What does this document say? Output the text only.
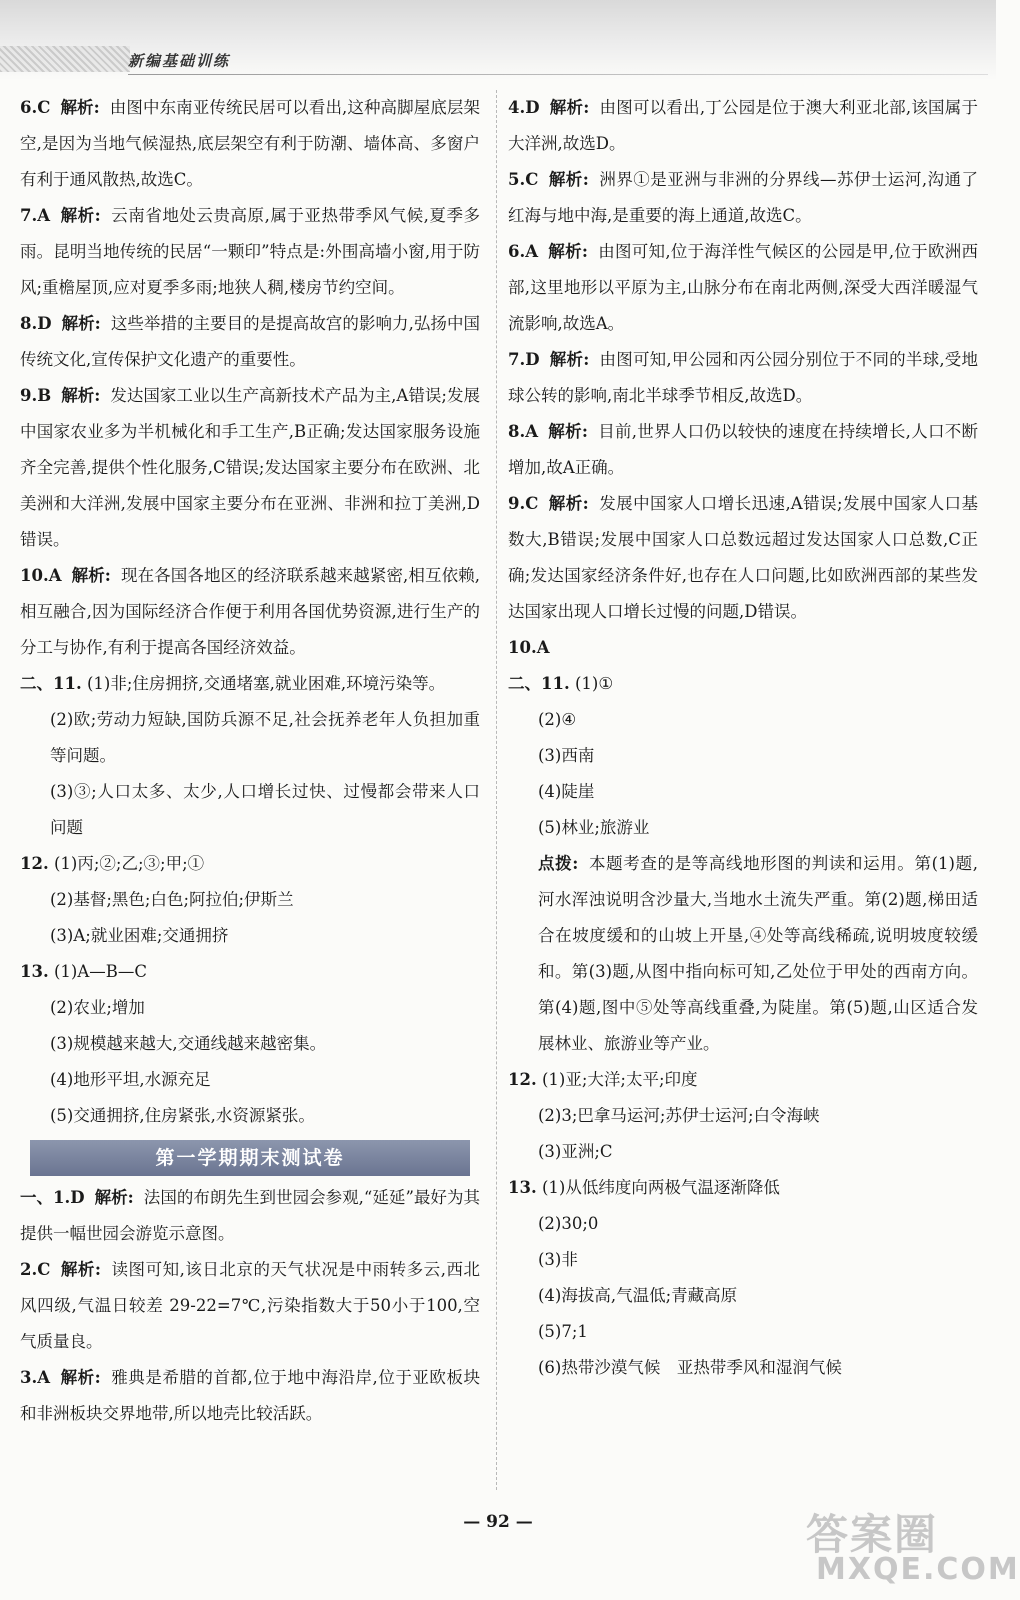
新编基础训练

6.C 解析: 由图中东南亚传统民居可以看出,这种高脚屋底层架空,是因为当地气候湿热,底层架空有利于防潮、墙体高、多窗户有利于通风散热,故选C。

7.A 解析: 云南省地处云贵高原,属于亚热带季风气候,夏季多雨。昆明当地传统的民居“一颗印”特点是:外围高墙小窗,用于防风;重檐屋顶,应对夏季多雨;地狭人稠,楼房节约空间。

8.D 解析: 这些举措的主要目的是提高故宫的影响力,弘扬中国传统文化,宣传保护文化遗产的重要性。

9.B 解析: 发达国家工业以生产高新技术产品为主,A错误;发展中国家农业多为半机械化和手工生产,B正确;发达国家服务设施齐全完善,提供个性化服务,C错误;发达国家主要分布在欧洲、北美洲和大洋洲,发展中国家主要分布在亚洲、非洲和拉丁美洲,D错误。

10.A 解析: 现在各国各地区的经济联系越来越紧密,相互依赖,相互融合,因为国际经济合作便于利用各国优势资源,进行生产的分工与协作,有利于提高各国经济效益。

二、11. (1)非;住房拥挤,交通堵塞,就业困难,环境污染等。

(2)欧;劳动力短缺,国防兵源不足,社会抚养老年人负担加重等问题。

(3)③;人口太多、太少,人口增长过快、过慢都会带来人口问题

12. (1)丙;②;乙;③;甲;①

(2)基督;黑色;白色;阿拉伯;伊斯兰

(3)A;就业困难;交通拥挤

13. (1)A—B—C

(2)农业;增加

(3)规模越来越大,交通线越来越密集。

(4)地形平坦,水源充足

(5)交通拥挤,住房紧张,水资源紧张。

第一学期期末测试卷

一、1.D 解析: 法国的布朗先生到世园会参观,“延延”最好为其提供一幅世园会游览示意图。

2.C 解析: 读图可知,该日北京的天气状况是中雨转多云,西北风四级,气温日较差 29-22=7℃,污染指数大于50小于100,空气质量良。

3.A 解析: 雅典是希腊的首都,位于地中海沿岸,位于亚欧板块和非洲板块交界地带,所以地壳比较活跃。

4.D 解析: 由图可以看出,丁公园是位于澳大利亚北部,该国属于大洋洲,故选D。

5.C 解析: 洲界①是亚洲与非洲的分界线—苏伊士运河,沟通了红海与地中海,是重要的海上通道,故选C。

6.A 解析: 由图可知,位于海洋性气候区的公园是甲,位于欧洲西部,这里地形以平原为主,山脉分布在南北两侧,深受大西洋暖湿气流影响,故选A。

7.D 解析: 由图可知,甲公园和丙公园分别位于不同的半球,受地球公转的影响,南北半球季节相反,故选D。

8.A 解析: 目前,世界人口仍以较快的速度在持续增长,人口不断增加,故A正确。

9.C 解析: 发展中国家人口增长迅速,A错误;发展中国家人口基数大,B错误;发展中国家人口总数远超过发达国家人口总数,C正确;发达国家经济条件好,也存在人口问题,比如欧洲西部的某些发达国家出现人口增长过慢的问题,D错误。

10.A

二、11. (1)①

(2)④

(3)西南

(4)陡崖

(5)林业;旅游业

点拨: 本题考查的是等高线地形图的判读和运用。第(1)题,河水浑浊说明含沙量大,当地水土流失严重。第(2)题,梯田适合在坡度缓和的山坡上开垦,④处等高线稀疏,说明坡度较缓和。第(3)题,从图中指向标可知,乙处位于甲处的西南方向。第(4)题,图中⑤处等高线重叠,为陡崖。第(5)题,山区适合发展林业、旅游业等产业。

12. (1)亚;大洋;太平;印度

(2)3;巴拿马运河;苏伊士运河;白令海峡

(3)亚洲;C

13. (1)从低纬度向两极气温逐渐降低

(2)30;0

(3)非

(4)海拔高,气温低;青藏高原

(5)7;1

(6)热带沙漠气候　亚热带季风和湿润气候

— 92 —	答案圈
MXQE.COM
